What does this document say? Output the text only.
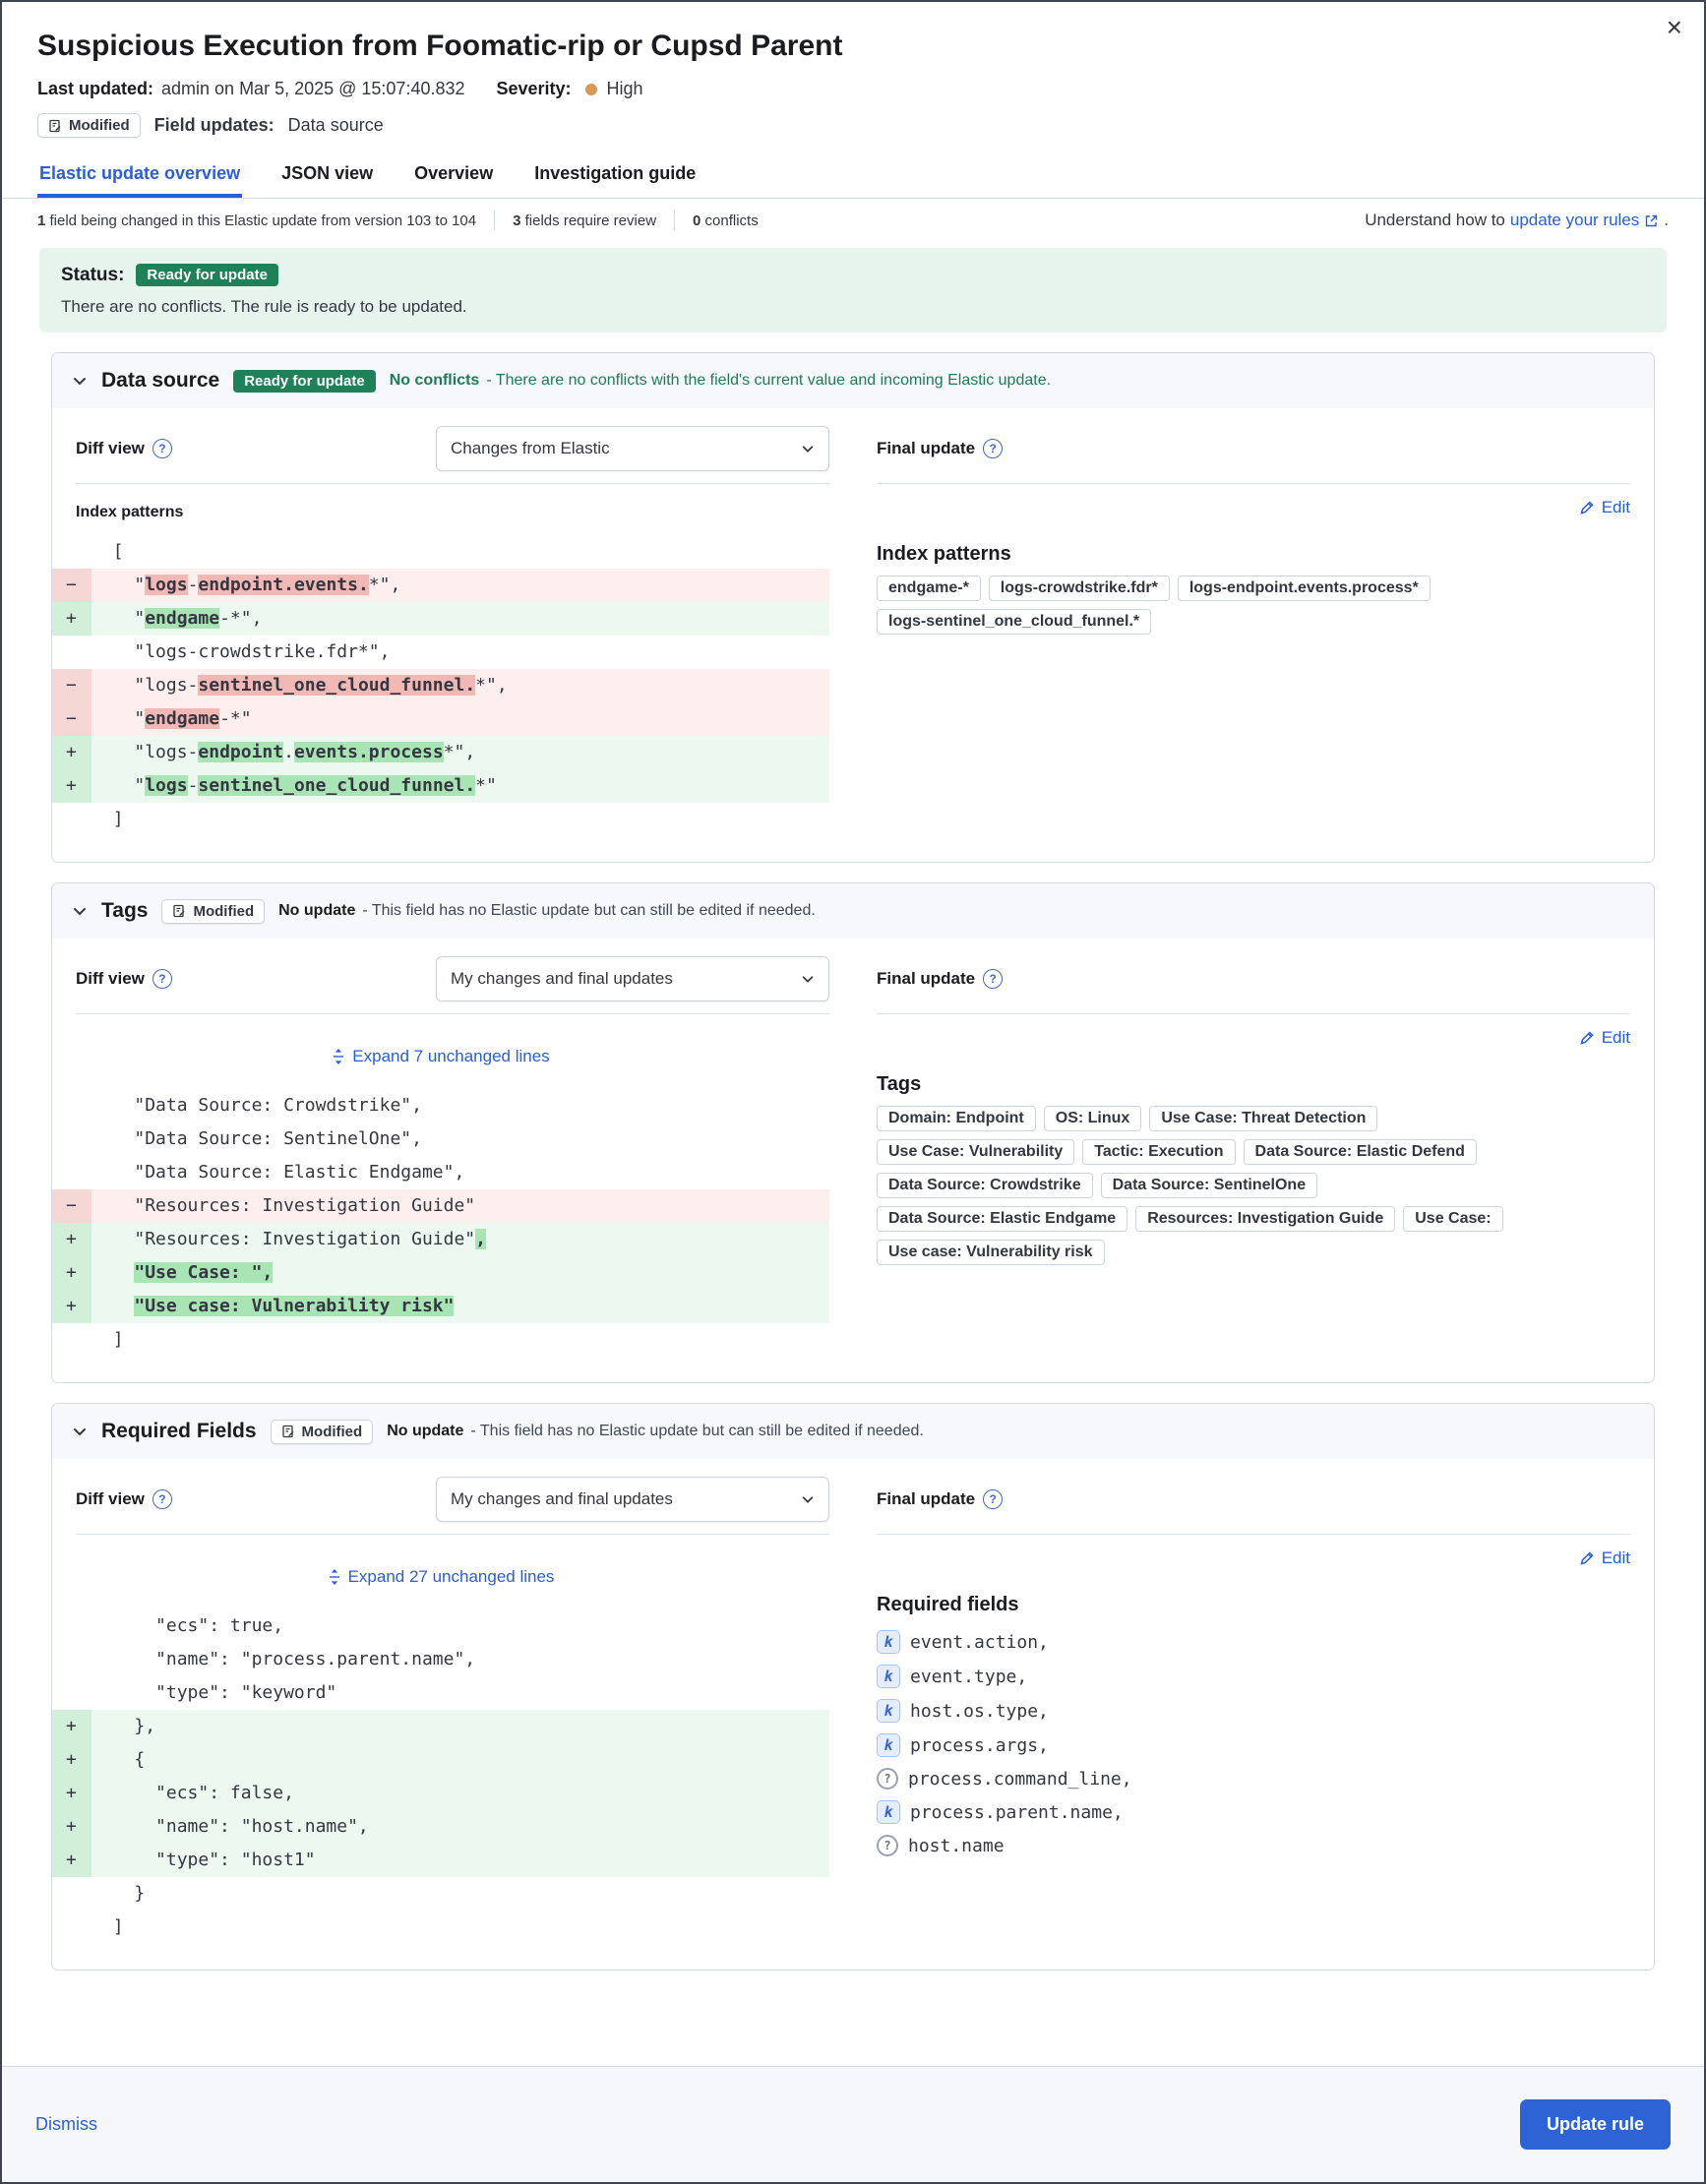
×
Suspicious Execution from Foomatic-rip or Cupsd Parent
Last updated: admin on Mar 5, 2025 @ 15:07:40.832 Severity: High
Modified Field updates: Data source
Elastic update overview JSON view Overview Investigation guide
1 field being changed in this Elastic update from version 103 to 104 3 fields require review 0 conflicts	Understand how to update your rules .
Status:	Ready for update
There are no conflicts. The rule is ready to be updated.
Data source	Ready for update	No conflicts - There are no conflicts with the field's current value and incoming Elastic update.
Diff view	?	Changes from Elastic
Index patterns
[
−	"logs-endpoint.events.*",
+	"endgame-*",
"logs-crowdstrike.fdr*",
−	"logs-sentinel_one_cloud_funnel.*",
−	"endgame-*"
+	"logs-endpoint.events.process*",
+	"logs-sentinel_one_cloud_funnel.*"
]
Final update	?
Edit
Index patterns
endgame-*	logs-crowdstrike.fdr*	logs-endpoint.events.process*
logs-sentinel_one_cloud_funnel.*
Tags	Modified No update - This field has no Elastic update but can still be edited if needed.
Diff view	?	My changes and final updates
Expand 7 unchanged lines
"Data Source: Crowdstrike",
"Data Source: SentinelOne",
"Data Source: Elastic Endgame",
−	"Resources: Investigation Guide"
+	"Resources: Investigation Guide",
+	"Use Case: ",
+	"Use case: Vulnerability risk"
]
Final update	?
Edit
Tags
Domain: Endpoint	OS: Linux	Use Case: Threat Detection
Use Case: Vulnerability	Tactic: Execution	Data Source: Elastic Defend
Data Source: Crowdstrike	Data Source: SentinelOne
Data Source: Elastic Endgame	Resources: Investigation Guide	Use Case:
Use case: Vulnerability risk
Required Fields	Modified No update - This field has no Elastic update but can still be edited if needed.
Diff view	?	My changes and final updates
Expand 27 unchanged lines
"ecs": true,
"name": "process.parent.name",
"type": "keyword"
+	},
+	{
+	"ecs": false,
+	"name": "host.name",
+	"type": "host1"
}
]
Final update	?
Edit
Required fields
k event.action,
k event.type,
k host.os.type,
k process.args,
? process.command_line,
k process.parent.name,
? host.name
Dismiss	Update rule
